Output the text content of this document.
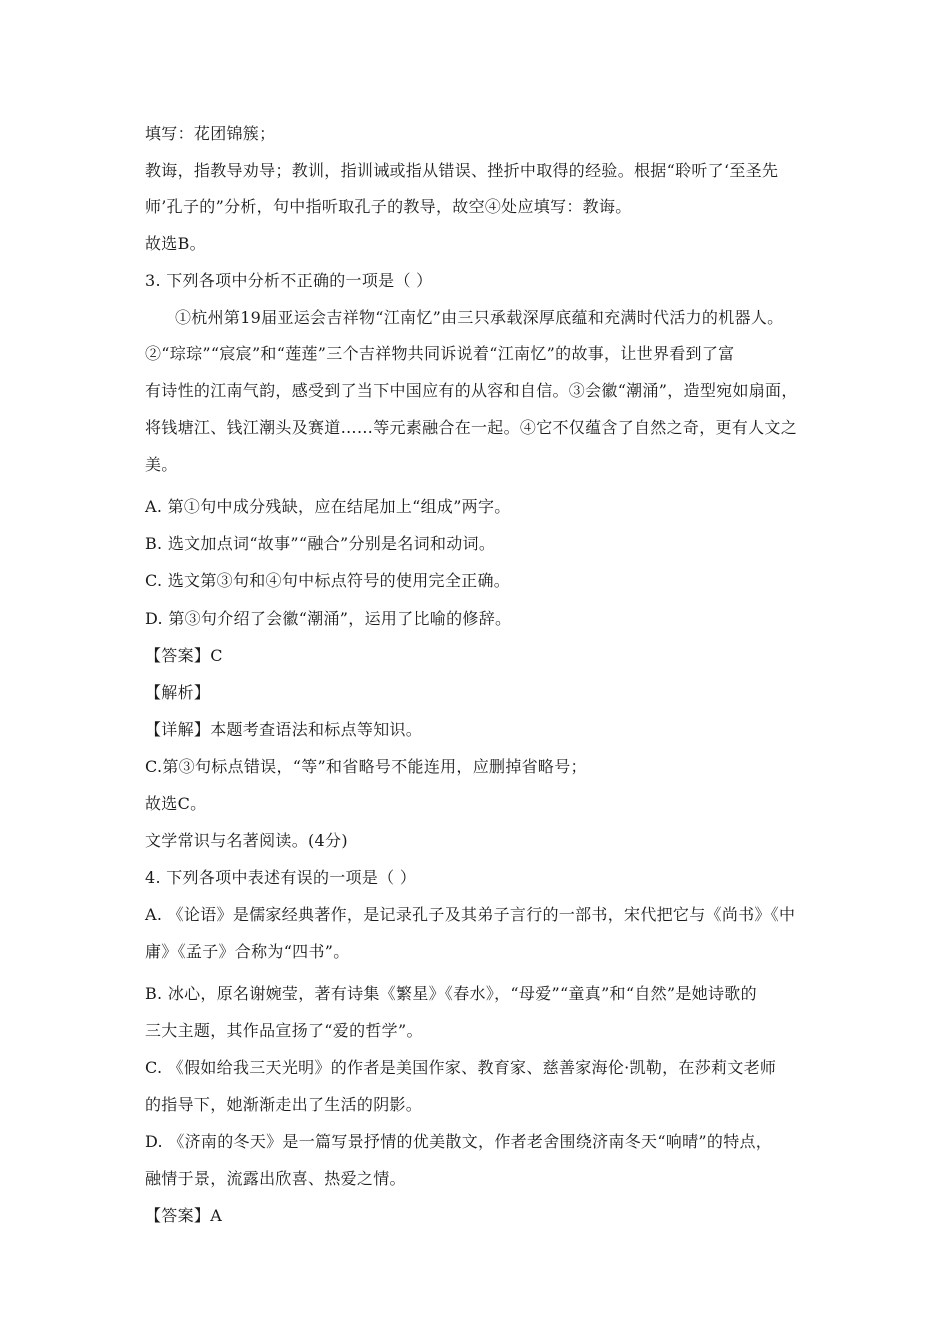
填写：花团锦簇；
教诲，指教导劝导；教训，指训诫或指从错误、挫折中取得的经验。根据“聆听了‘至圣先
师’孔子的”分析，句中指听取孔子的教导，故空④处应填写：教诲。
故选B。
3. 下列各项中分析不正确的一项是（ ）
①杭州第19届亚运会吉祥物“江南忆”由三只承载深厚底蕴和充满时代活力的机器人。
②“琮琮”“宸宸”和“莲莲”三个吉祥物共同诉说着“江南忆”的故事，让世界看到了富
有诗性的江南气韵，感受到了当下中国应有的从容和自信。③会徽“潮涌”，造型宛如扇面，
将钱塘江、钱江潮头及赛道……等元素融合在一起。④它不仅蕴含了自然之奇，更有人文之
美。
A. 第①句中成分残缺，应在结尾加上“组成”两字。
B. 选文加点词“故事”“融合”分别是名词和动词。
C. 选文第③句和④句中标点符号的使用完全正确。
D. 第③句介绍了会徽“潮涌”，运用了比喻的修辞。
【答案】C
【解析】
【详解】本题考查语法和标点等知识。
C.第③句标点错误，“等”和省略号不能连用，应删掉省略号；
故选C。
文学常识与名著阅读。(4分)
4. 下列各项中表述有误的一项是（ ）
A. 《论语》是儒家经典著作，是记录孔子及其弟子言行的一部书，宋代把它与《尚书》《中
庸》《孟子》合称为“四书”。
B. 冰心，原名谢婉莹，著有诗集《繁星》《春水》，“母爱”“童真”和“自然”是她诗歌的
三大主题，其作品宣扬了“爱的哲学”。
C. 《假如给我三天光明》的作者是美国作家、教育家、慈善家海伦·凯勒，在莎莉文老师
的指导下，她渐渐走出了生活的阴影。
D. 《济南的冬天》是一篇写景抒情的优美散文，作者老舍围绕济南冬天“响晴”的特点，
融情于景，流露出欣喜、热爱之情。
【答案】A
